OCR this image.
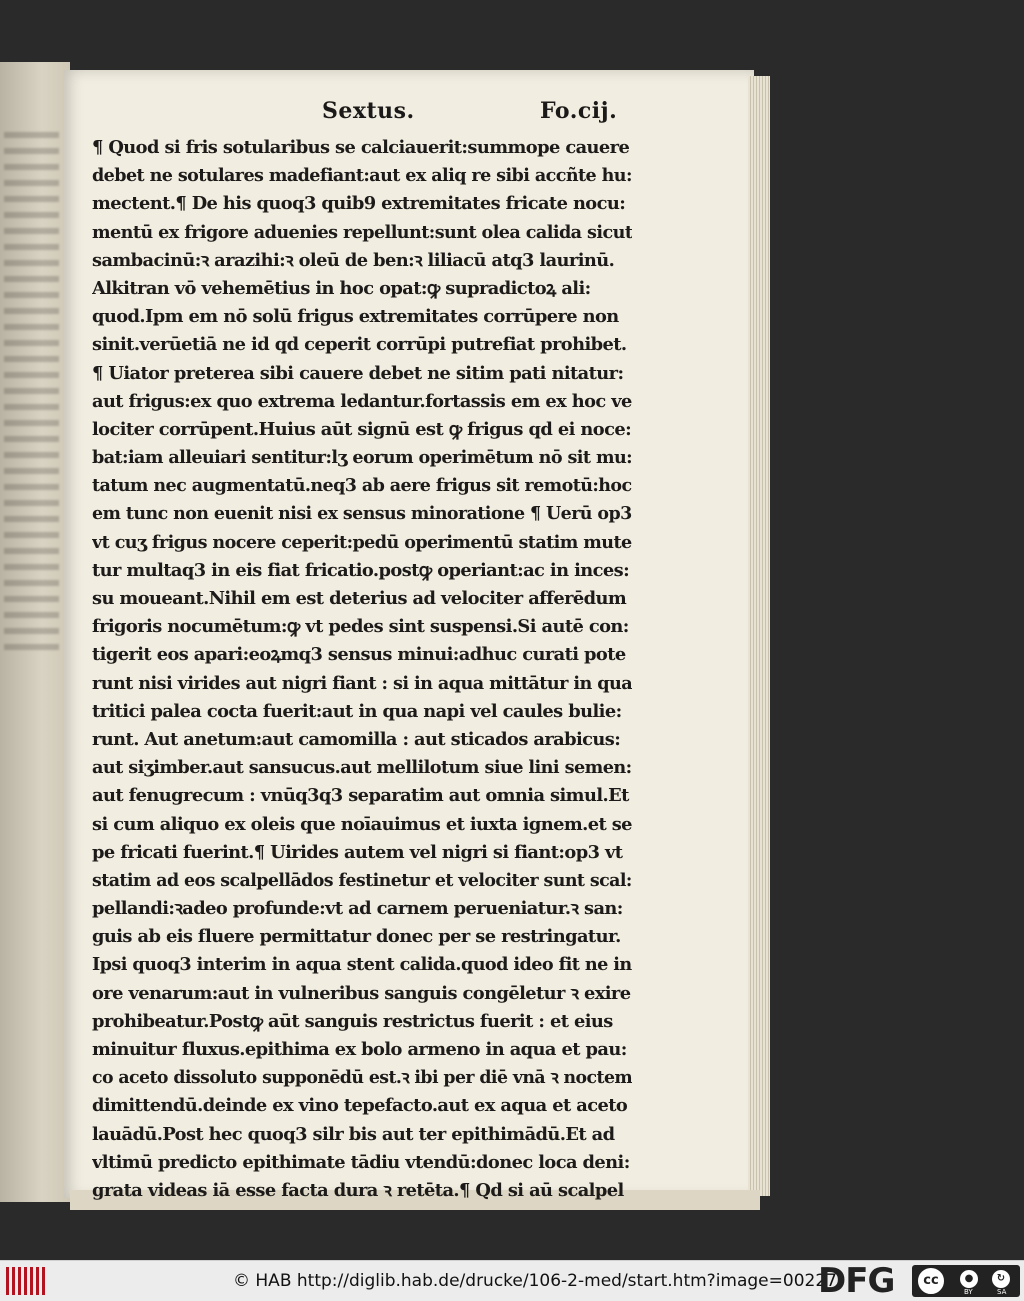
Sextus.	Fo.cij.
¶ Quod si fris sotularibus se calciauerit:summope cauere
debet ne sotulares madefiant:aut ex aliq re sibi accñte hu:
mectent.¶ De his quoq3 quib9 extremitates fricate nocu:
mentū ex frigore aduenies repellunt:sunt olea calida sicut
sambacinū:ꝛ arazihi:ꝛ oleū de ben:ꝛ liliacū atq3 laurinū.
Alkitran vō vehemētius in hoc opat:ꝙ supradictoꝝ ali:
quod.Ipm em nō solū frigus extremitates corrūpere non
sinit.verūetiā ne id qd ceperit corrūpi putrefiat prohibet.
¶ Uiator preterea sibi cauere debet ne sitim pati nitatur:
aut frigus:ex quo extrema ledantur.fortassis em ex hoc ve
lociter corrūpent.Huius aūt signū est ꝙ frigus qd ei noce:
bat:iam alleuiari sentitur:lʒ eorum operimētum nō sit mu:
tatum nec augmentatū.neq3 ab aere frigus sit remotū:hoc
em tunc non euenit nisi ex sensus minoratione ¶ Uerū op3
vt cuʒ frigus nocere ceperit:pedū operimentū statim mute
tur multaq3 in eis fiat fricatio.postꝙ operiant:ac in inces:
su moueant.Nihil em est deterius ad velociter afferēdum
frigoris nocumētum:ꝙ vt pedes sint suspensi.Si autē con:
tigerit eos apari:eoꝝmq3 sensus minui:adhuc curati pote
runt nisi virides aut nigri fiant : si in aqua mittātur in qua
tritici palea cocta fuerit:aut in qua napi vel caules bulie:
runt. Aut anetum:aut camomilla : aut sticados arabicus:
aut siʒimber.aut sansucus.aut mellilotum siue lini semen:
aut fenugrecum : vnūq3q3 separatim aut omnia simul.Et
si cum aliquo ex oleis que noīauimus et iuxta ignem.et se
pe fricati fuerint.¶ Uirides autem vel nigri si fiant:op3 vt
statim ad eos scalpellādos festinetur et velociter sunt scal:
pellandi:ꝛadeo profunde:vt ad carnem perueniatur.ꝛ san:
guis ab eis fluere permittatur donec per se restringatur.
Ipsi quoq3 interim in aqua stent calida.quod ideo fit ne in
ore venarum:aut in vulneribus sanguis congēletur ꝛ exire
prohibeatur.Postꝙ aūt sanguis restrictus fuerit : et eius
minuitur fluxus.epithima ex bolo armeno in aqua et pau:
co aceto dissoluto supponēdū est.ꝛ ibi per diē vnā ꝛ noctem
dimittendū.deinde ex vino tepefacto.aut ex aqua et aceto
lauādū.Post hec quoq3 silr bis aut ter epithimādū.Et ad
vltimū predicto epithimate tādiu vtendū:donec loca deni:
grata videas iā esse facta dura ꝛ retēta.¶ Qd si aū scalpel
© HAB http://diglib.hab.de/drucke/106-2-med/start.htm?image=00227
DFG	cc	●	↻
BY	SA
